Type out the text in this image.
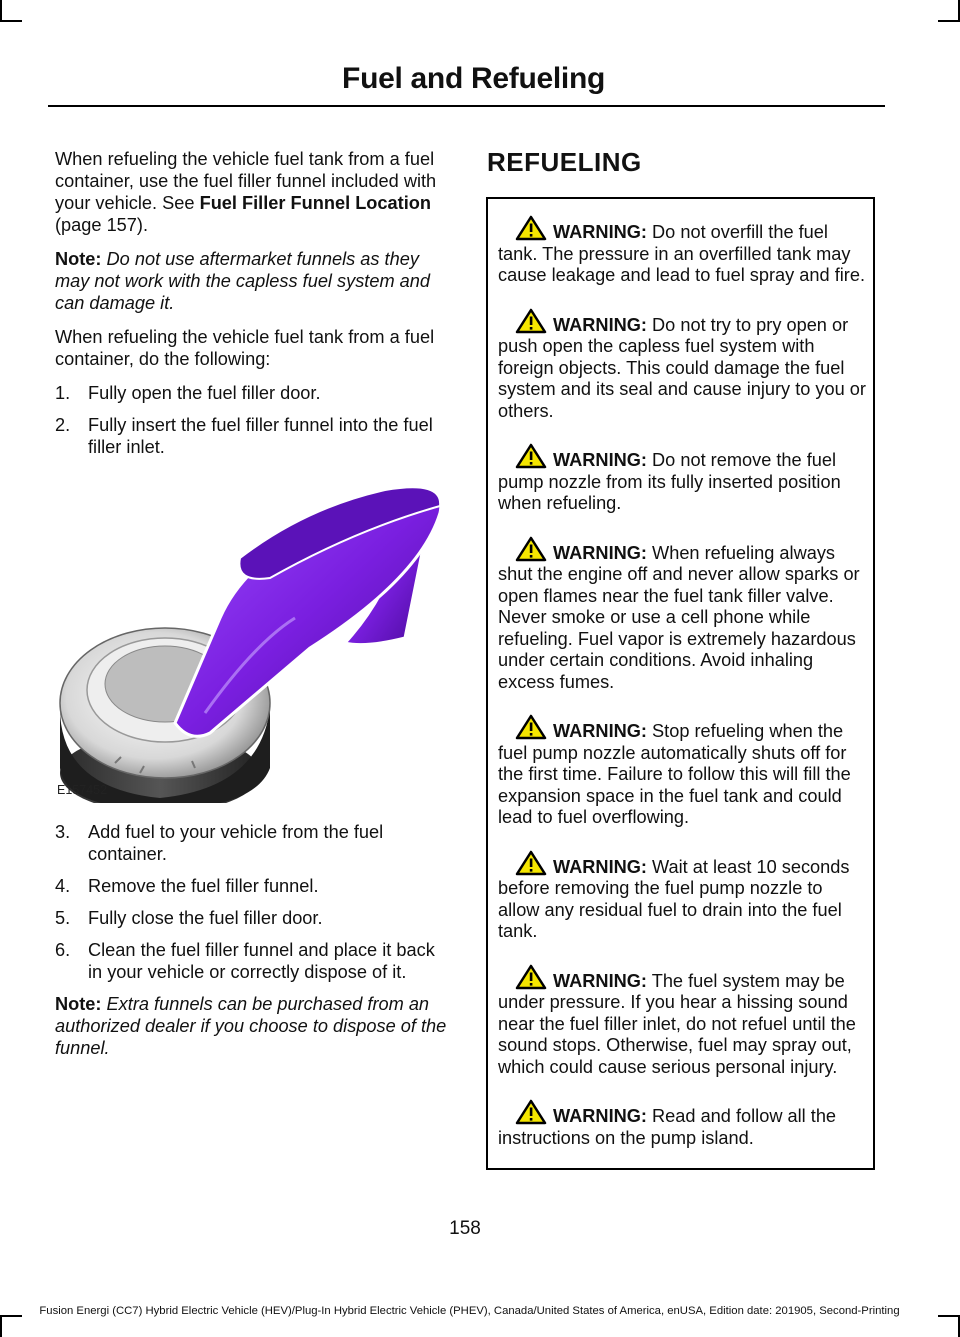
Fuel and Refueling

When refueling the vehicle fuel tank from a fuel container, use the fuel filler funnel included with your vehicle. See Fuel Filler Funnel Location (page 157).

Note: Do not use aftermarket funnels as they may not work with the capless fuel system and can damage it.

When refueling the vehicle fuel tank from a fuel container, do the following:

1. Fully open the fuel filler door.
2. Fully insert the fuel filler funnel into the fuel filler inlet.
E157452
3. Add fuel to your vehicle from the fuel container.
4. Remove the fuel filler funnel.
5. Fully close the fuel filler door.
6. Clean the fuel filler funnel and place it back in your vehicle or correctly dispose of it.

Note: Extra funnels can be purchased from an authorized dealer if you choose to dispose of the funnel.

REFUELING
WARNING: Do not overfill the fuel tank. The pressure in an overfilled tank may cause leakage and lead to fuel spray and fire.
WARNING: Do not try to pry open or push open the capless fuel system with foreign objects. This could damage the fuel system and its seal and cause injury to you or others.
WARNING: Do not remove the fuel pump nozzle from its fully inserted position when refueling.
WARNING: When refueling always shut the engine off and never allow sparks or open flames near the fuel tank filler valve. Never smoke or use a cell phone while refueling. Fuel vapor is extremely hazardous under certain conditions. Avoid inhaling excess fumes.
WARNING: Stop refueling when the fuel pump nozzle automatically shuts off for the first time. Failure to follow this will fill the expansion space in the fuel tank and could lead to fuel overflowing.
WARNING: Wait at least 10 seconds before removing the fuel pump nozzle to allow any residual fuel to drain into the fuel tank.
WARNING: The fuel system may be under pressure. If you hear a hissing sound near the fuel filler inlet, do not refuel until the sound stops. Otherwise, fuel may spray out, which could cause serious personal injury.
WARNING: Read and follow all the instructions on the pump island.
158
Fusion Energi (CC7) Hybrid Electric Vehicle (HEV)/Plug-In Hybrid Electric Vehicle (PHEV), Canada/United States of America, enUSA, Edition date: 201905, Second-Printing
